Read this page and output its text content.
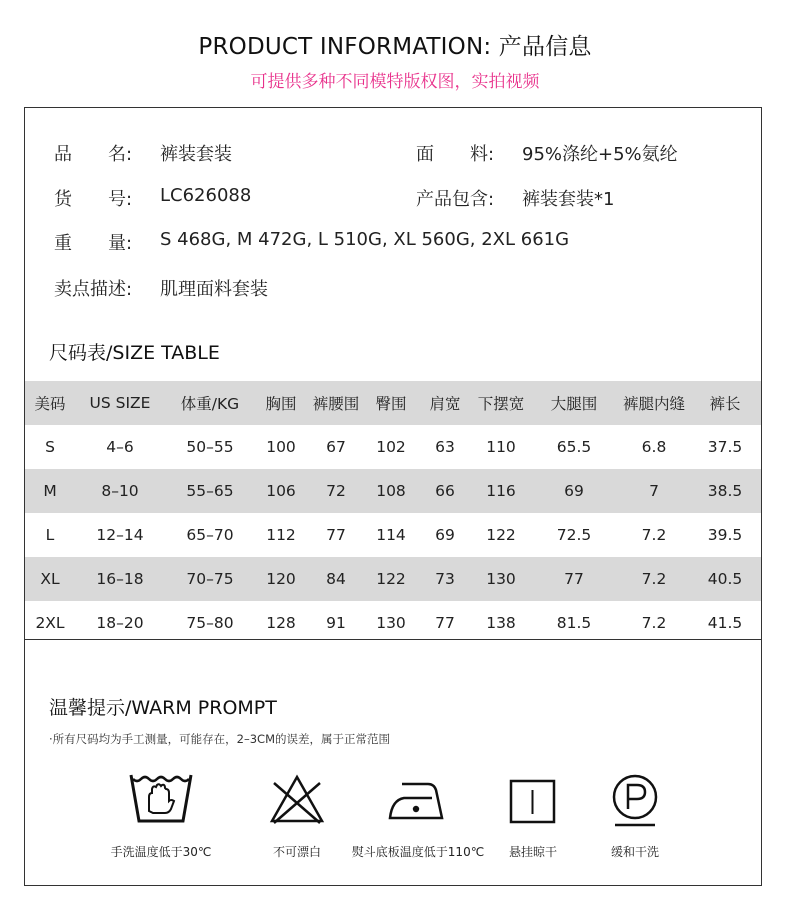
PRODUCT INFORMATION: 产品信息
可提供多种不同模特版权图，实拍视频
品　　名: 裤装套装	面　　料: 95%涤纶+5%氨纶
货　　号: LC626088	产品包含: 裤装套装*1
重　　量: S 468G, M 472G, L 510G, XL 560G, 2XL 661G
卖点描述: 肌理面料套装
尺码表/SIZE TABLE
美码	US SIZE	体重/KG	胸围	裤腰围	臀围	肩宽	下摆宽	大腿围	裤腿内缝	裤长
S	4–6	50–55	100	67	102	63	110	65.5	6.8	37.5
M	8–10	55–65	106	72	108	66	116	69	7	38.5
L	12–14	65–70	112	77	114	69	122	72.5	7.2	39.5
XL	16–18	70–75	120	84	122	73	130	77	7.2	40.5
2XL	18–20	75–80	128	91	130	77	138	81.5	7.2	41.5
温馨提示/WARM PROMPT
·所有尺码均为手工测量，可能存在，2–3CM的误差，属于正常范围
手洗温度低于30℃	不可漂白	熨斗底板温度低于110℃	悬挂晾干	缓和干洗
